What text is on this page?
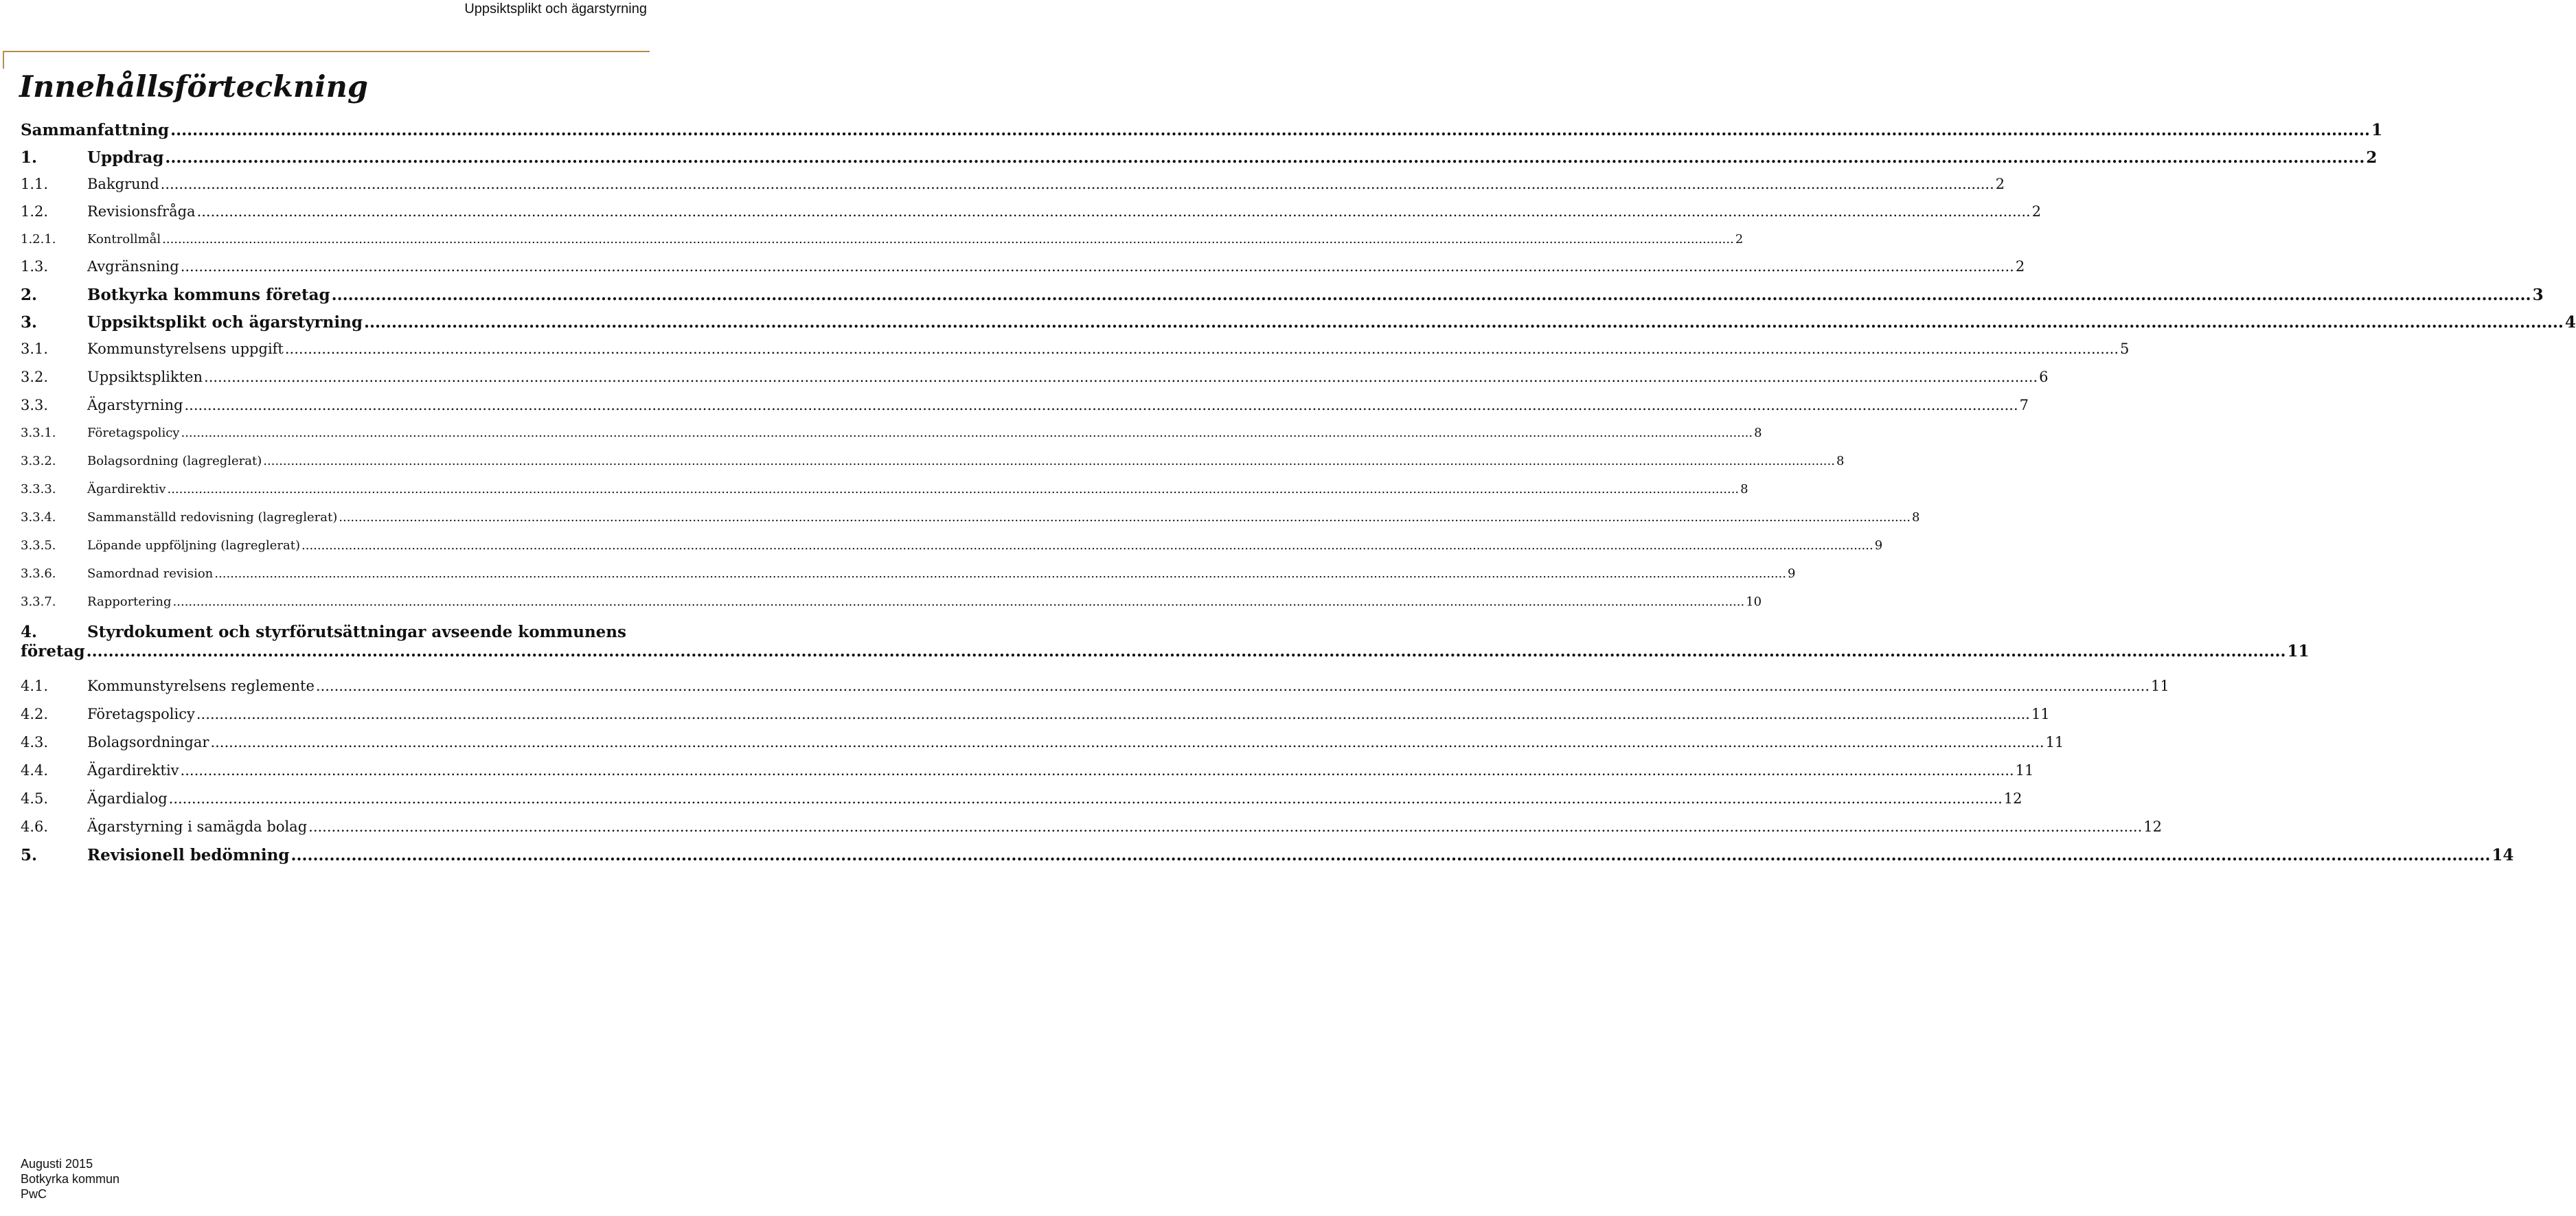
Uppsiktsplikt och ägarstyrning
Innehållsförteckning
Sammanfattning ................................................................................................................................................................................................................................................................................................................................................................................................................ 1
1.	Uppdrag ................................................................................................................................................................................................................................................................................................................................................................................................................ 2
1.1.	Bakgrund ................................................................................................................................................................................................................................................................................................................................................................................................................ 2
1.2.	Revisionsfråga ................................................................................................................................................................................................................................................................................................................................................................................................................ 2
1.2.1.	Kontrollmål ................................................................................................................................................................................................................................................................................................................................................................................................................ 2
1.3.	Avgränsning ................................................................................................................................................................................................................................................................................................................................................................................................................ 2
2.	Botkyrka kommuns företag ................................................................................................................................................................................................................................................................................................................................................................................................................ 3
3.	Uppsiktsplikt och ägarstyrning ................................................................................................................................................................................................................................................................................................................................................................................................................ 4
3.1.	Kommunstyrelsens uppgift ................................................................................................................................................................................................................................................................................................................................................................................................................ 5
3.2.	Uppsiktsplikten ................................................................................................................................................................................................................................................................................................................................................................................................................ 6
3.3.	Ägarstyrning ................................................................................................................................................................................................................................................................................................................................................................................................................ 7
3.3.1.	Företagspolicy ................................................................................................................................................................................................................................................................................................................................................................................................................ 8
3.3.2.	Bolagsordning (lagreglerat) ................................................................................................................................................................................................................................................................................................................................................................................................................ 8
3.3.3.	Ägardirektiv ................................................................................................................................................................................................................................................................................................................................................................................................................ 8
3.3.4.	Sammanställd redovisning (lagreglerat) ................................................................................................................................................................................................................................................................................................................................................................................................................ 8
3.3.5.	Löpande uppföljning (lagreglerat) ................................................................................................................................................................................................................................................................................................................................................................................................................ 9
3.3.6.	Samordnad revision ................................................................................................................................................................................................................................................................................................................................................................................................................ 9
3.3.7.	Rapportering ................................................................................................................................................................................................................................................................................................................................................................................................................ 10
4.	Styrdokument och styrförutsättningar avseende kommunens
företag ................................................................................................................................................................................................................................................................................................................................................................................................................ 11
4.1.	Kommunstyrelsens reglemente ................................................................................................................................................................................................................................................................................................................................................................................................................ 11
4.2.	Företagspolicy ................................................................................................................................................................................................................................................................................................................................................................................................................ 11
4.3.	Bolagsordningar ................................................................................................................................................................................................................................................................................................................................................................................................................ 11
4.4.	Ägardirektiv ................................................................................................................................................................................................................................................................................................................................................................................................................ 11
4.5.	Ägardialog ................................................................................................................................................................................................................................................................................................................................................................................................................ 12
4.6.	Ägarstyrning i samägda bolag ................................................................................................................................................................................................................................................................................................................................................................................................................ 12
5.	Revisionell bedömning ................................................................................................................................................................................................................................................................................................................................................................................................................ 14
Augusti 2015
Botkyrka kommun
PwC
